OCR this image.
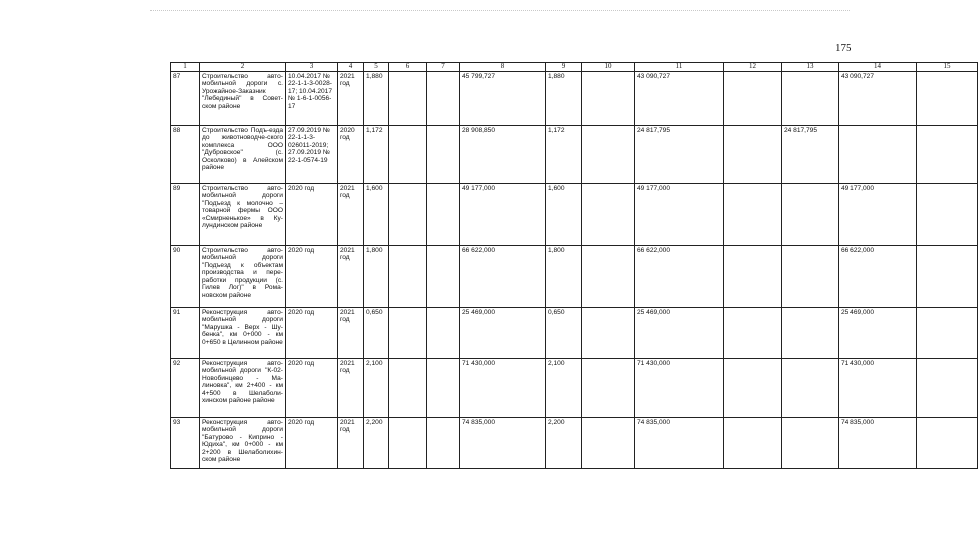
175
1	2	3	4	5	6	7	8	9	10	11	12	13	14	15
87	Строительство авто-мобильной дороги с. Урожайное-Заказник "Лебединый" в Совет-ском районе	10.04.2017 № 22-1-1-3-0028-17; 10.04.2017 № 1-6-1-0056-17	2021 год	1,880			45 799,727	1,880		43 090,727			43 090,727	
88	Строительство Подъ-езда до животноводче-ского комплекса ООО "Дубровское" (с. Осколково) в Алейском районе	27.09.2019 № 22-1-1-3-026011-2019; 27.09.2019 № 22-1-0574-19	2020 год	1,172			28 908,850	1,172		24 817,795		24 817,795		
89	Строительство авто-мобильной дороги "Подъезд к молочно – товарной фермы ООО «Смирненькое» в Ку-лундинском районе	2020 год	2021 год	1,600			49 177,000	1,600		49 177,000			49 177,000	
90	Строительство авто-мобильной дороги "Подъезд к объектам производства и пере-работки продукции (с. Гилев Лог)" в Рома-новском районе	2020 год	2021 год	1,800			66 622,000	1,800		66 622,000			66 622,000	
91	Реконструкция авто-мобильной дороги "Марушка - Верх - Шу-бенка", км 0+000 - км 0+650 в Целинном районе	2020 год	2021 год	0,650			25 469,000	0,650		25 469,000			25 469,000	
92	Реконструкция авто-мобильной дороги "К-02-Новобинцево - Ма-линовка", км 2+400 - км 4+500 в Шелаболи-хинском районе районе	2020 год	2021 год	2,100			71 430,000	2,100		71 430,000			71 430,000	
93	Реконструкция авто-мобильной дороги "Батурово - Киприно - Юдиха", км 0+000 - км 2+200 в Шелаболихин-ском районе	2020 год	2021 год	2,200			74 835,000	2,200		74 835,000			74 835,000	
